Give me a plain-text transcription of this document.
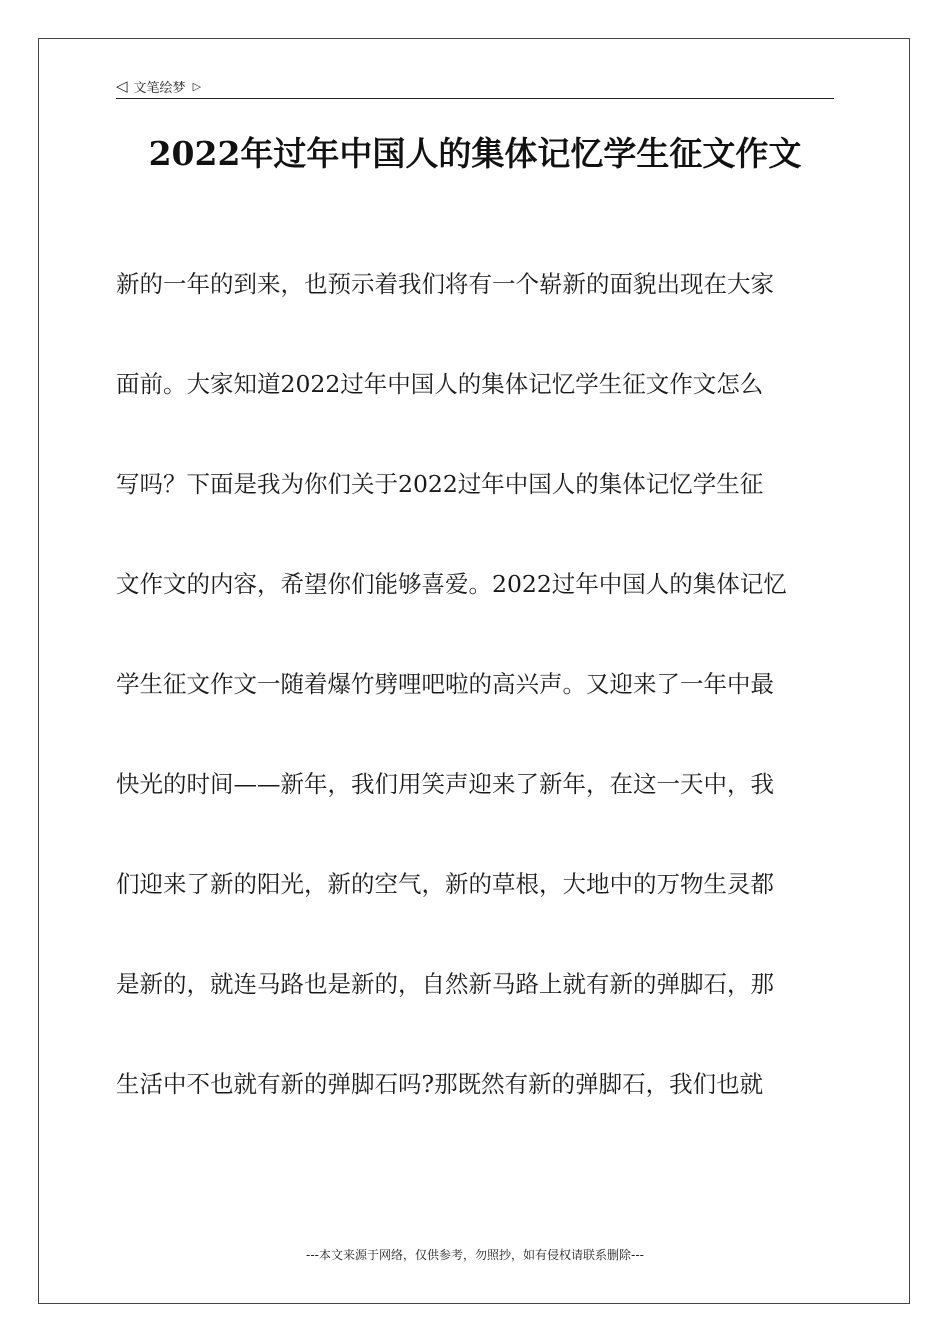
◁ 文笔绘梦 ▷
2022年过年中国人的集体记忆学生征文作文
新的一年的到来，也预示着我们将有一个崭新的面貌出现在大家
面前。大家知道2022过年中国人的集体记忆学生征文作文怎么
写吗？下面是我为你们关于2022过年中国人的集体记忆学生征
文作文的内容，希望你们能够喜爱。2022过年中国人的集体记忆
学生征文作文一随着爆竹劈哩吧啦的高兴声。又迎来了一年中最
快光的时间——新年，我们用笑声迎来了新年，在这一天中，我
们迎来了新的阳光，新的空气，新的草根，大地中的万物生灵都
是新的，就连马路也是新的，自然新马路上就有新的弹脚石，那
生活中不也就有新的弹脚石吗?那既然有新的弹脚石，我们也就
---本文来源于网络，仅供参考，勿照抄，如有侵权请联系删除---
